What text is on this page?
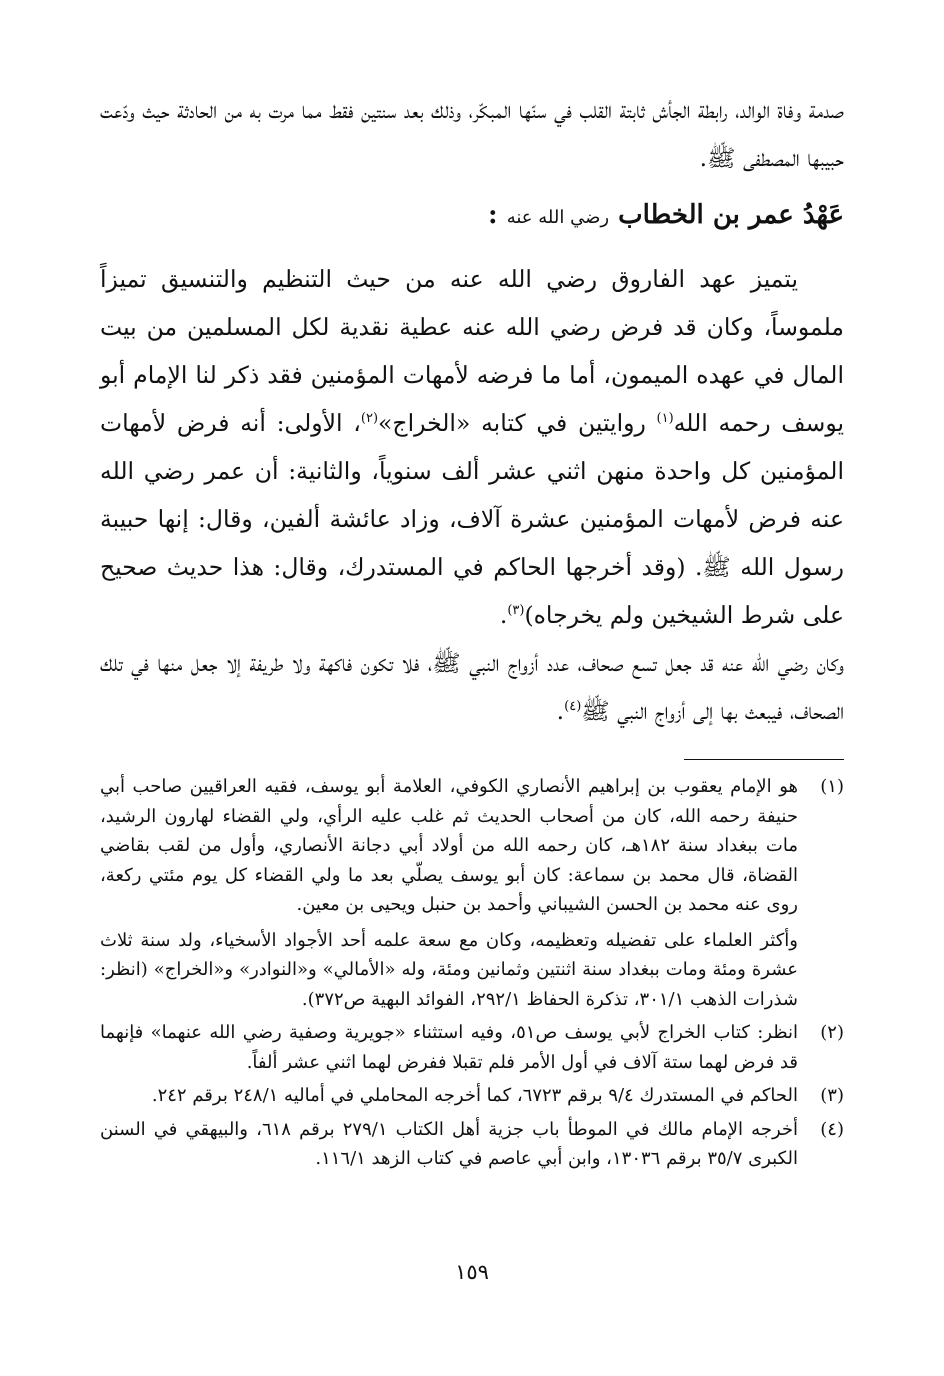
صدمة وفاة الوالد، رابطة الجأش ثابتة القلب في سنّها المبكّر، وذلك بعد سنتين فقط مما مرت به من الحادثة حيث ودّعت حبيبها المصطفى ﷺ.

عَهْدُ عمر بن الخطاب رضي الله عنه :

يتميز عهد الفاروق رضي الله عنه من حيث التنظيم والتنسيق تميزاً ملموساً، وكان قد فرض رضي الله عنه عطية نقدية لكل المسلمين من بيت المال في عهده الميمون، أما ما فرضه لأمهات المؤمنين فقد ذكر لنا الإمام أبو يوسف رحمه الله$^{(١)}$ روايتين في كتابه «الخراج»$^{(٢)}$، الأولى: أنه فرض لأمهات المؤمنين كل واحدة منهن اثني عشر ألف سنوياً، والثانية: أن عمر رضي الله عنه فرض لأمهات المؤمنين عشرة آلاف، وزاد عائشة ألفين، وقال: إنها حبيبة رسول الله ﷺ. (وقد أخرجها الحاكم في المستدرك، وقال: هذا حديث صحيح على شرط الشيخين ولم يخرجاه)$^{(٣)}$.

وكان رضي الله عنه قد جعل تسع صحاف، عدد أزواج النبي ﷺ، فلا تكون فاكهة ولا طريفة إلا جعل منها في تلك الصحاف، فيبعث بها إلى أزواج النبي ﷺ$^{(٤)}$.

(١)

هو الإمام يعقوب بن إبراهيم الأنصاري الكوفي، العلامة أبو يوسف، فقيه العراقيين صاحب أبي حنيفة رحمه الله، كان من أصحاب الحديث ثم غلب عليه الرأي، ولي القضاء لهارون الرشيد، مات ببغداد سنة ١٨٢هـ، كان رحمه الله من أولاد أبي دجانة الأنصاري، وأول من لقب بقاضي القضاة، قال محمد بن سماعة: كان أبو يوسف يصلّي بعد ما ولي القضاء كل يوم مئتي ركعة، روى عنه محمد بن الحسن الشيباني وأحمد بن حنبل ويحيى بن معين.

وأكثر العلماء على تفضيله وتعظيمه، وكان مع سعة علمه أحد الأجواد الأسخياء، ولد سنة ثلاث عشرة ومئة ومات ببغداد سنة اثنتين وثمانين ومئة، وله «الأمالي» و«النوادر» و«الخراج» (انظر: شذرات الذهب ٣٠١/١، تذكرة الحفاظ ٢٩٢/١، الفوائد البهية ص٣٧٢).

(٢)

انظر: كتاب الخراج لأبي يوسف ص٥١، وفيه استثناء «جويرية وصفية رضي الله عنهما» فإنهما قد فرض لهما ستة آلاف في أول الأمر فلم تقبلا ففرض لهما اثني عشر ألفاً.

(٣)

الحاكم في المستدرك ٩/٤ برقم ٦٧٢٣، كما أخرجه المحاملي في أماليه ٢٤٨/١ برقم ٢٤٢.

(٤)

أخرجه الإمام مالك في الموطأ باب جزية أهل الكتاب ٢٧٩/١ برقم ٦١٨، والبيهقي في السنن الكبرى ٣٥/٧ برقم ١٣٠٣٦، وابن أبي عاصم في كتاب الزهد ١١٦/١.

١٥٩
